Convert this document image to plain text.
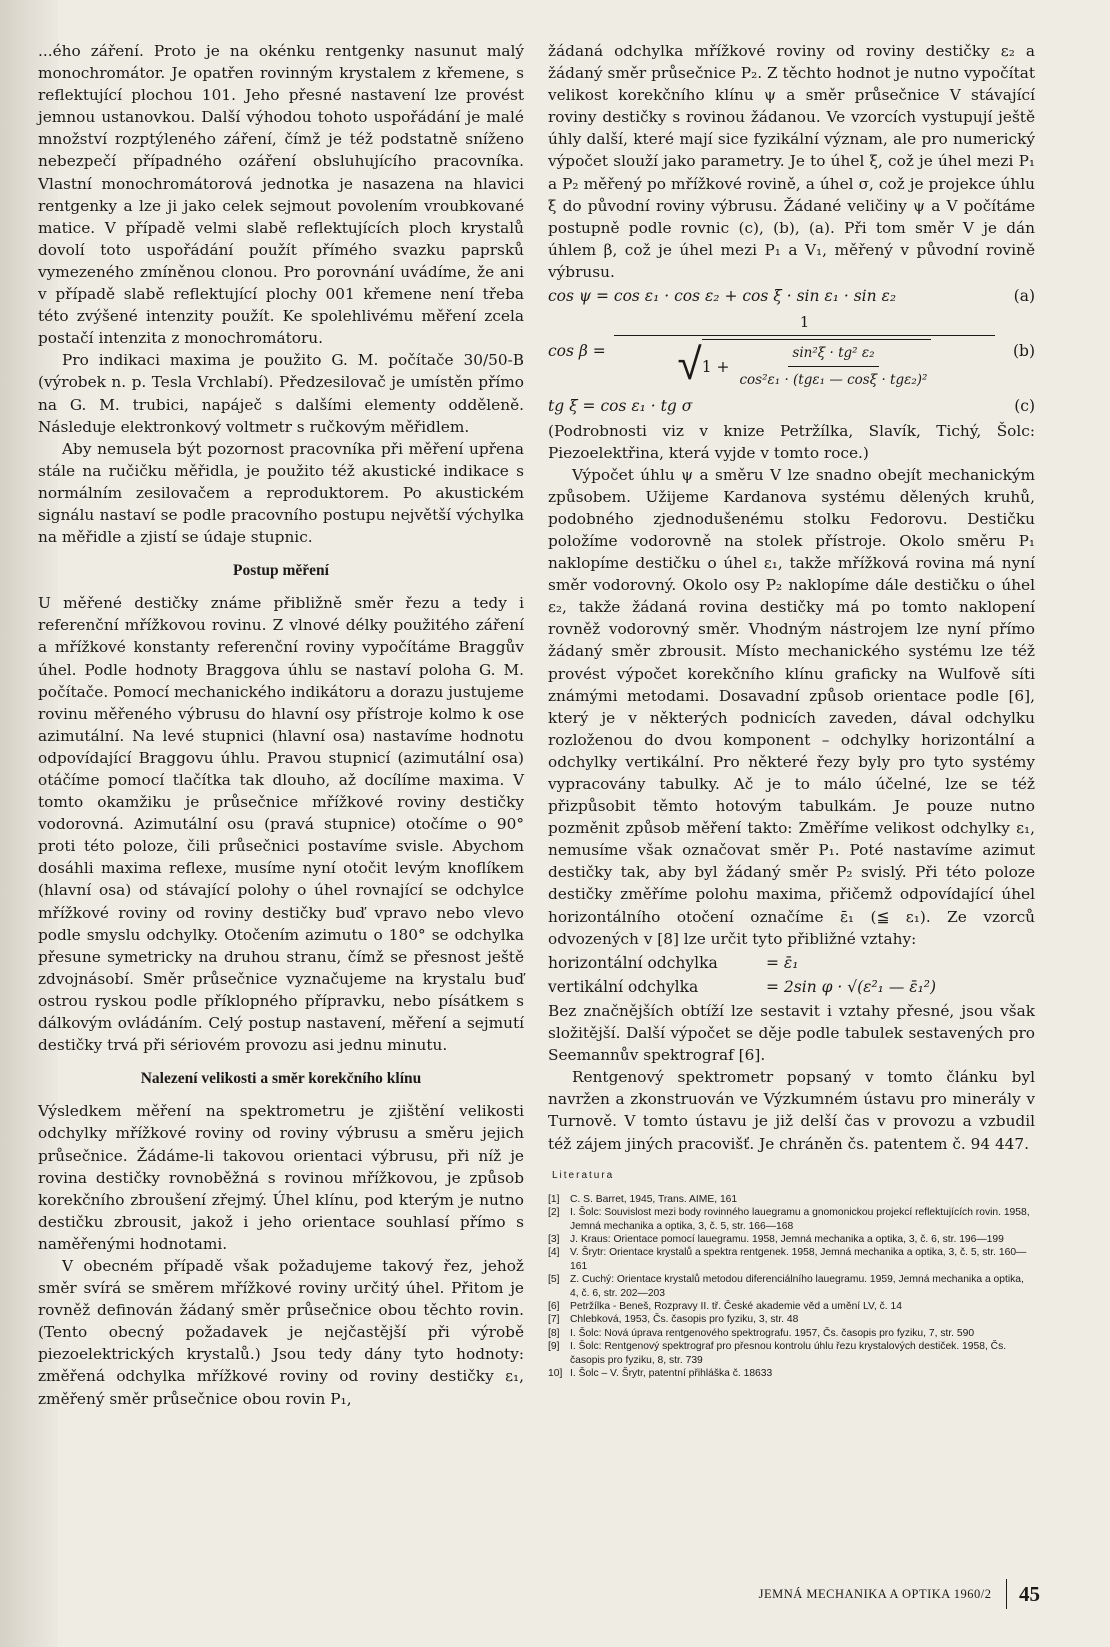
...ého záření. Proto je na okénku rentgenky nasunut malý monochromátor. Je opatřen rovinným krystalem z křemene, s reflektující plochou 101. Jeho přesné nastavení lze provést jemnou ustanovkou. Další výhodou tohoto uspořádání je malé množství rozptýleného záření, čímž je též podstatně sníženo nebezpečí případného ozáření obsluhujícího pracovníka. Vlastní monochromátorová jednotka je nasazena na hlavici rentgenky a lze ji jako celek sejmout povolením vroubkované matice. V případě velmi slabě reflektujících ploch krystalů dovolí toto uspořádání použít přímého svazku paprsků vymezeného zmíněnou clonou. Pro porovnání uvádíme, že ani v případě slabě reflektující plochy 001 křemene není třeba této zvýšené intenzity použít. Ke spolehlivému měření zcela postačí intenzita z monochromátoru.

Pro indikaci maxima je použito G. M. počítače 30/50-B (výrobek n. p. Tesla Vrchlabí). Předzesilovač je umístěn přímo na G. M. trubici, napáječ s dalšími elementy odděleně. Následuje elektronkový voltmetr s ručkovým měřidlem.

Aby nemusela být pozornost pracovníka při měření upřena stále na ručičku měřidla, je použito též akustické indikace s normálním zesilovačem a reproduktorem. Po akustickém signálu nastaví se podle pracovního postupu největší výchylka na měřidle a zjistí se údaje stupnic.

Postup měření

U měřené destičky známe přibližně směr řezu a tedy i referenční mřížkovou rovinu. Z vlnové délky použitého záření a mřížkové konstanty referenční roviny vypočítáme Braggův úhel. Podle hodnoty Braggova úhlu se nastaví poloha G. M. počítače. Pomocí mechanického indikátoru a dorazu justujeme rovinu měřeného výbrusu do hlavní osy přístroje kolmo k ose azimutální. Na levé stupnici (hlavní osa) nastavíme hodnotu odpovídající Braggovu úhlu. Pravou stupnicí (azimutální osa) otáčíme pomocí tlačítka tak dlouho, až docílíme maxima. V tomto okamžiku je průsečnice mřížkové roviny destičky vodorovná. Azimutální osu (pravá stupnice) otočíme o 90° proti této poloze, čili průsečnici postavíme svisle. Abychom dosáhli maxima reflexe, musíme nyní otočit levým knoflíkem (hlavní osa) od stávající polohy o úhel rovnající se odchylce mřížkové roviny od roviny destičky buď vpravo nebo vlevo podle smyslu odchylky. Otočením azimutu o 180° se odchylka přesune symetricky na druhou stranu, čímž se přesnost ještě zdvojnásobí. Směr průsečnice vyznačujeme na krystalu buď ostrou ryskou podle příklopného přípravku, nebo písátkem s dálkovým ovládáním. Celý postup nastavení, měření a sejmutí destičky trvá při sériovém provozu asi jednu minutu.

Nalezení velikosti a směr korekčního klínu

Výsledkem měření na spektrometru je zjištění velikosti odchylky mřížkové roviny od roviny výbrusu a směru jejich průsečnice. Žádáme-li takovou orientaci výbrusu, při níž je rovina destičky rovnoběžná s rovinou mřížkovou, je způsob korekčního zbroušení zřejmý. Úhel klínu, pod kterým je nutno destičku zbrousit, jakož i jeho orientace souhlasí přímo s naměřenými hodnotami.

V obecném případě však požadujeme takový řez, jehož směr svírá se směrem mřížkové roviny určitý úhel. Přitom je rovněž definován žádaný směr průsečnice obou těchto rovin. (Tento obecný požadavek je nejčastější při výrobě piezoelektrických krystalů.) Jsou tedy dány tyto hodnoty: změřená odchylka mřížkové roviny od roviny destičky ε₁, změřený směr průsečnice obou rovin P₁,

žádaná odchylka mřížkové roviny od roviny destičky ε₂ a žádaný směr průsečnice P₂. Z těchto hodnot je nutno vypočítat velikost korekčního klínu ψ a směr průsečnice V stávající roviny destičky s rovinou žádanou. Ve vzorcích vystupují ještě úhly další, které mají sice fyzikální význam, ale pro numerický výpočet slouží jako parametry. Je to úhel ξ, což je úhel mezi P₁ a P₂ měřený po mřížkové rovině, a úhel σ, což je projekce úhlu ξ do původní roviny výbrusu. Žádané veličiny ψ a V počítáme postupně podle rovnic (c), (b), (a). Při tom směr V je dán úhlem β, což je úhel mezi P₁ a V₁, měřený v původní rovině výbrusu.

cos ψ = cos ε₁ · cos ε₂ + cos ξ · sin ε₁ · sin ε₂	(a)
cos β =
1
√ $1 + \frac{\text{sin²ξ · tg² ε₂}}{\text{cos²ε₁ · (tgε₁ — cosξ · tgε₂)²}}$	(b)
tg ξ = cos ε₁ · tg σ	(c)

(Podrobnosti viz v knize Petržílka, Slavík, Tichý, Šolc: Piezoelektřina, která vyjde v tomto roce.)

Výpočet úhlu ψ a směru V lze snadno obejít mechanickým způsobem. Užijeme Kardanova systému dělených kruhů, podobného zjednodušenému stolku Fedorovu. Destičku položíme vodorovně na stolek přístroje. Okolo směru P₁ naklopíme destičku o úhel ε₁, takže mřížková rovina má nyní směr vodorovný. Okolo osy P₂ naklopíme dále destičku o úhel ε₂, takže žádaná rovina destičky má po tomto naklopení rovněž vodorovný směr. Vhodným nástrojem lze nyní přímo žádaný směr zbrousit. Místo mechanického systému lze též provést výpočet korekčního klínu graficky na Wulfově síti známými metodami. Dosavadní způsob orientace podle [6], který je v některých podnicích zaveden, dával odchylku rozloženou do dvou komponent – odchylky horizontální a odchylky vertikální. Pro některé řezy byly pro tyto systémy vypracovány tabulky. Ač je to málo účelné, lze se též přizpůsobit těmto hotovým tabulkám. Je pouze nutno pozměnit způsob měření takto: Změříme velikost odchylky ε₁, nemusíme však označovat směr P₁. Poté nastavíme azimut destičky tak, aby byl žádaný směr P₂ svislý. Při této poloze destičky změříme polohu maxima, přičemž odpovídající úhel horizontálního otočení označíme ε̄₁ (≦ ε₁). Ze vzorců odvozených v [8] lze určit tyto přibližné vztahy:

horizontální odchylka	= ε̄₁
vertikální odchylka	= 2sin φ · √(ε²₁ — ε̄₁²)

Bez značnějších obtíží lze sestavit i vztahy přesné, jsou však složitější. Další výpočet se děje podle tabulek sestavených pro Seemannův spektrograf [6].

Rentgenový spektrometr popsaný v tomto článku byl navržen a zkonstruován ve Výzkumném ústavu pro minerály v Turnově. V tomto ústavu je již delší čas v provozu a vzbudil též zájem jiných pracovišť. Je chráněn čs. patentem č. 94 447.

Literatura
[1]	C. S. Barret, 1945, Trans. AIME, 161
[2]	I. Šolc: Souvislost mezi body rovinného lauegramu a gnomonickou projekcí reflektujících rovin. 1958, Jemná mechanika a optika, 3, č. 5, str. 166—168
[3]	J. Kraus: Orientace pomocí lauegramu. 1958, Jemná mechanika a optika, 3, č. 6, str. 196—199
[4]	V. Šrytr: Orientace krystalů a spektra rentgenek. 1958, Jemná mechanika a optika, 3, č. 5, str. 160—161
[5]	Z. Cuchý: Orientace krystalů metodou diferenciálního lauegramu. 1959, Jemná mechanika a optika, 4, č. 6, str. 202—203
[6]	Petržílka - Beneš, Rozpravy II. tř. České akademie věd a umění LV, č. 14
[7]	Chlebková, 1953, Čs. časopis pro fyziku, 3, str. 48
[8]	I. Šolc: Nová úprava rentgenového spektrografu. 1957, Čs. časopis pro fyziku, 7, str. 590
[9]	I. Šolc: Rentgenový spektrograf pro přesnou kontrolu úhlu řezu krystalových destiček. 1958, Čs. časopis pro fyziku, 8, str. 739
10] I. Šolc – V. Šrytr, patentní přihláška č. 18633
JEMNÁ MECHANIKA A OPTIKA 1960/2 45
